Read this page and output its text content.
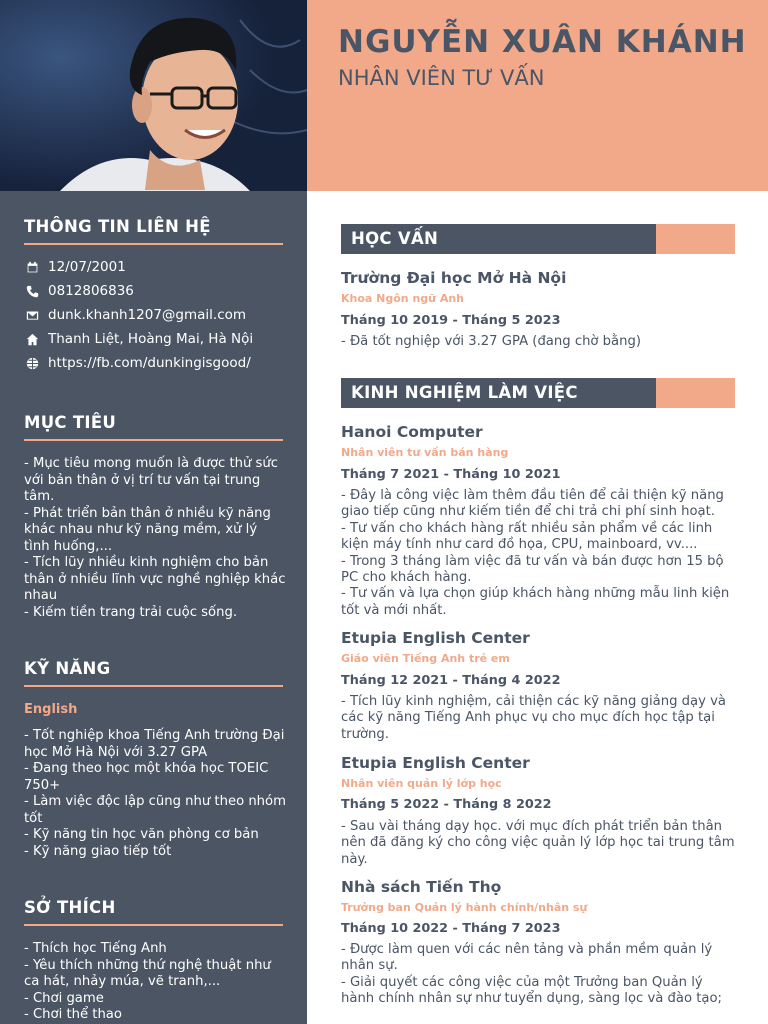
NGUYỄN XUÂN KHÁNH
NHÂN VIÊN TƯ VẤN
THÔNG TIN LIÊN HỆ
12/07/2001
0812806836
dunk.khanh1207@gmail.com
Thanh Liệt, Hoàng Mai, Hà Nội
https://fb.com/dunkingisgood/
MỤC TIÊU
- Mục tiêu mong muốn là được thử sức với bản thân ở vị trí tư vấn tại trung tâm.
- Phát triển bản thân ở nhiều kỹ năng khác nhau như kỹ năng mềm, xử lý tình huống,...
- Tích lũy nhiều kinh nghiệm cho bản thân ở nhiều lĩnh vực nghề nghiệp khác nhau
- Kiếm tiền trang trải cuộc sống.
KỸ NĂNG
English
- Tốt nghiệp khoa Tiếng Anh trường Đại học Mở Hà Nội với 3.27 GPA
- Đang theo học một khóa học TOEIC 750+
- Làm việc độc lập cũng như theo nhóm tốt
- Kỹ năng tin học văn phòng cơ bản
- Kỹ năng giao tiếp tốt
SỞ THÍCH
- Thích học Tiếng Anh
- Yêu thích những thứ nghệ thuật như ca hát, nhảy múa, vẽ tranh,...
- Chơi game
- Chơi thể thao
HỌC VẤN
Trường Đại học Mở Hà Nội
Khoa Ngôn ngữ Anh
Tháng 10 2019 - Tháng 5 2023
- Đã tốt nghiệp với 3.27 GPA (đang chờ bằng)
KINH NGHIỆM LÀM VIỆC
Hanoi Computer
Nhân viên tư vấn bán hàng
Tháng 7 2021 - Tháng 10 2021
- Đây là công việc làm thêm đầu tiên để cải thiện kỹ năng giao tiếp cũng như kiếm tiền để chi trả chi phí sinh hoạt.
- Tư vấn cho khách hàng rất nhiều sản phẩm về các linh kiện máy tính như card đồ họa, CPU, mainboard, vv....
- Trong 3 tháng làm việc đã tư vấn và bán được hơn 15 bộ PC cho khách hàng.
- Tư vấn và lựa chọn giúp khách hàng những mẫu linh kiện tốt và mới nhất.
Etupia English Center
Giáo viên Tiếng Anh trẻ em
Tháng 12 2021 - Tháng 4 2022
- Tích lũy kinh nghiệm, cải thiện các kỹ năng giảng dạy và các kỹ năng Tiếng Anh phục vụ cho mục đích học tập tại trường.
Etupia English Center
Nhân viên quản lý lớp học
Tháng 5 2022 - Tháng 8 2022
- Sau vài tháng dạy học. với mục đích phát triển bản thân nên đã đăng ký cho công việc quản lý lớp học tai trung tâm này.
Nhà sách Tiến Thọ
Trưởng ban Quản lý hành chính/nhân sự
Tháng 10 2022 - Tháng 7 2023
- Được làm quen với các nên tảng và phần mềm quản lý nhân sự.
- Giải quyết các công việc của một Trưởng ban Quản lý hành chính nhân sự như tuyển dụng, sàng lọc và đào tạo;
